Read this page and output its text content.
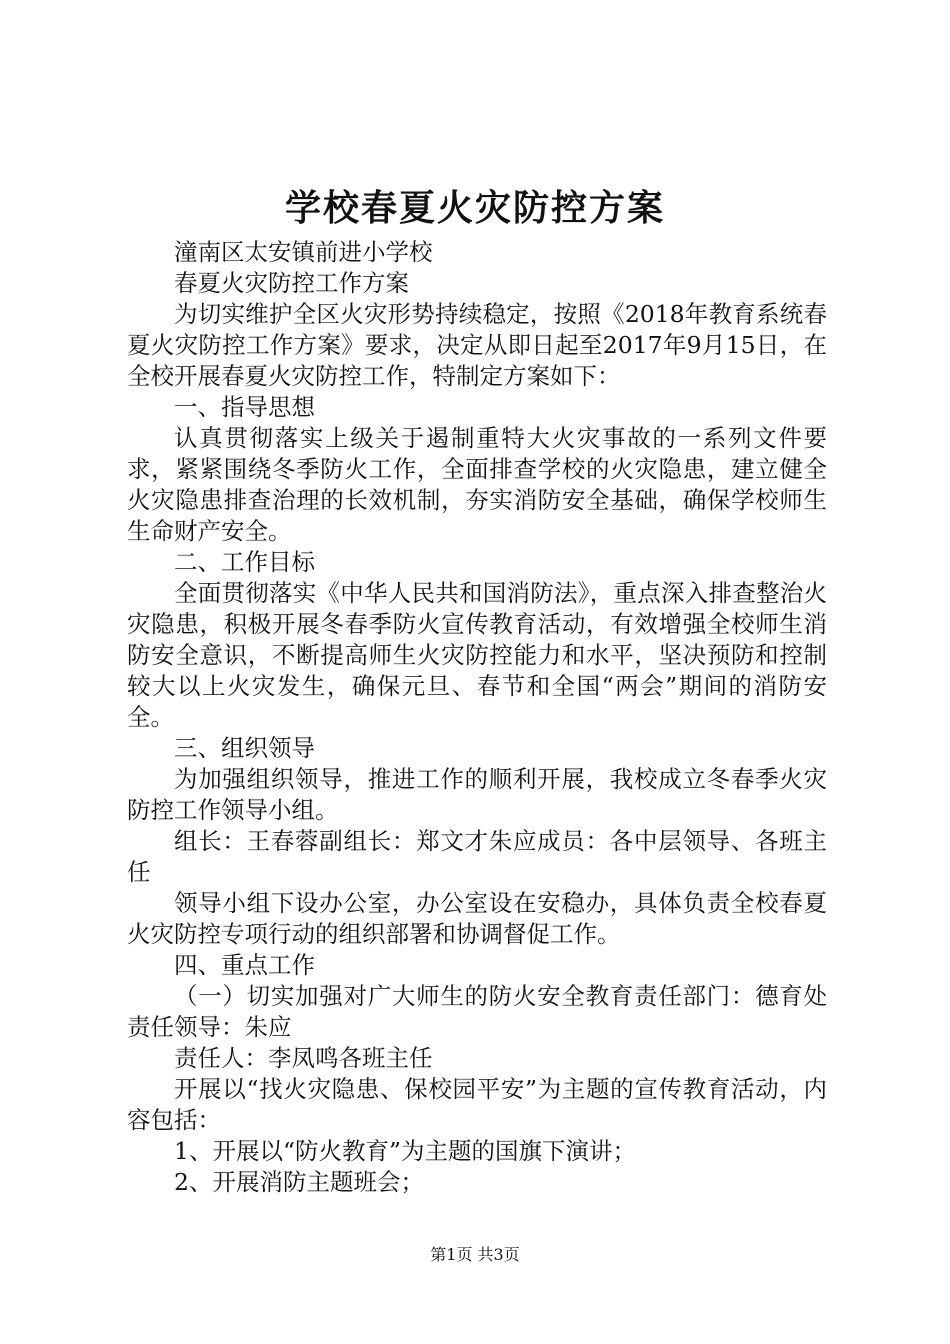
学校春夏火灾防控方案

潼南区太安镇前进小学校

春夏火灾防控工作方案

为切实维护全区火灾形势持续稳定，按照《2018年教育系统春夏火灾防控工作方案》要求，决定从即日起至2017年9月15日，在全校开展春夏火灾防控工作，特制定方案如下：

一、指导思想

认真贯彻落实上级关于遏制重特大火灾事故的一系列文件要求，紧紧围绕冬季防火工作，全面排查学校的火灾隐患，建立健全火灾隐患排查治理的长效机制，夯实消防安全基础，确保学校师生生命财产安全。

二、工作目标

全面贯彻落实《中华人民共和国消防法》，重点深入排查整治火灾隐患，积极开展冬春季防火宣传教育活动，有效增强全校师生消防安全意识，不断提高师生火灾防控能力和水平，坚决预防和控制较大以上火灾发生，确保元旦、春节和全国“两会”期间的消防安全。

三、组织领导

为加强组织领导，推进工作的顺利开展，我校成立冬春季火灾防控工作领导小组。

组长：王春蓉副组长：郑文才朱应成员：各中层领导、各班主任

领导小组下设办公室，办公室设在安稳办，具体负责全校春夏火灾防控专项行动的组织部署和协调督促工作。

四、重点工作

（一）切实加强对广大师生的防火安全教育责任部门：德育处责任领导：朱应

责任人：李凤鸣各班主任

开展以“找火灾隐患、保校园平安”为主题的宣传教育活动，内容包括：

1、开展以“防火教育”为主题的国旗下演讲；

2、开展消防主题班会；

第1页 共3页
